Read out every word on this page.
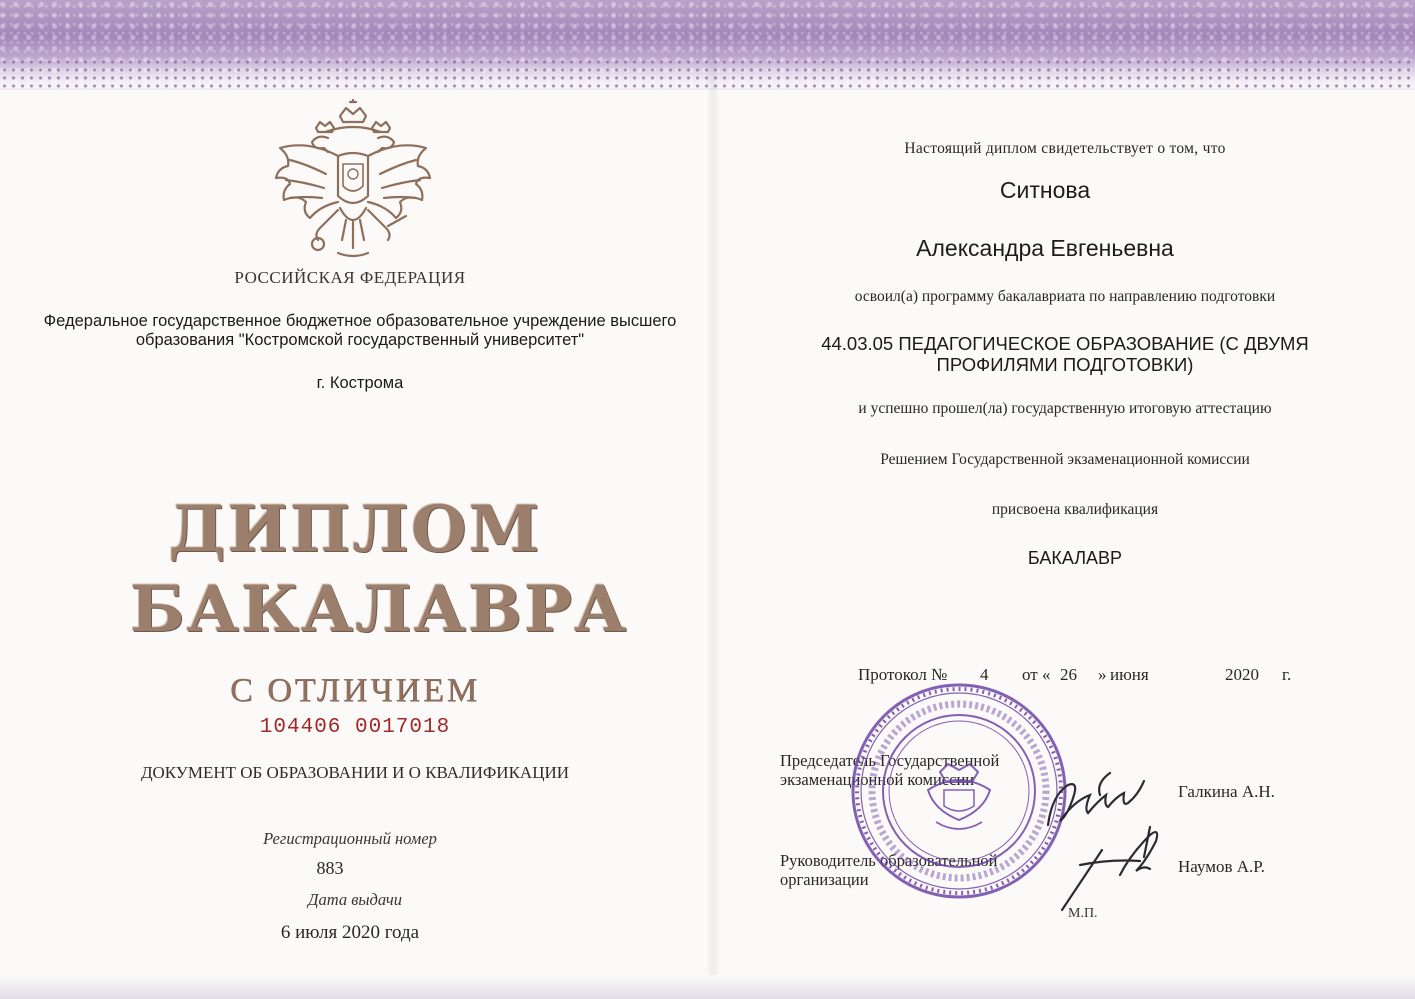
РОССИЙСКАЯ ФЕДЕРАЦИЯ
Федеральное государственное бюджетное образовательное учреждение высшего образования "Костромской государственный университет"
г. Кострома
ДИПЛОМ
БАКАЛАВРА
С ОТЛИЧИЕМ
104406 0017018
ДОКУМЕНТ ОБ ОБРАЗОВАНИИ И О КВАЛИФИКАЦИИ
Регистрационный номер
883
Дата выдачи
6 июля 2020 года
Настоящий диплом свидетельствует о том, что
Ситнова
Александра Евгеньевна
освоил(а) программу бакалавриата по направлению подготовки
44.03.05 ПЕДАГОГИЧЕСКОЕ ОБРАЗОВАНИЕ (С ДВУМЯ ПРОФИЛЯМИ ПОДГОТОВКИ)
и успешно прошел(ла) государственную итоговую аттестацию
Решением Государственной экзаменационной комиссии
присвоена квалификация
БАКАЛАВР
Протокол № 4 от « 26 » июня	2020 г.
Председатель Государственной экзаменационной комиссии
Руководитель образовательной организации
Галкина А.Н.
Наумов А.Р.
М.П.
